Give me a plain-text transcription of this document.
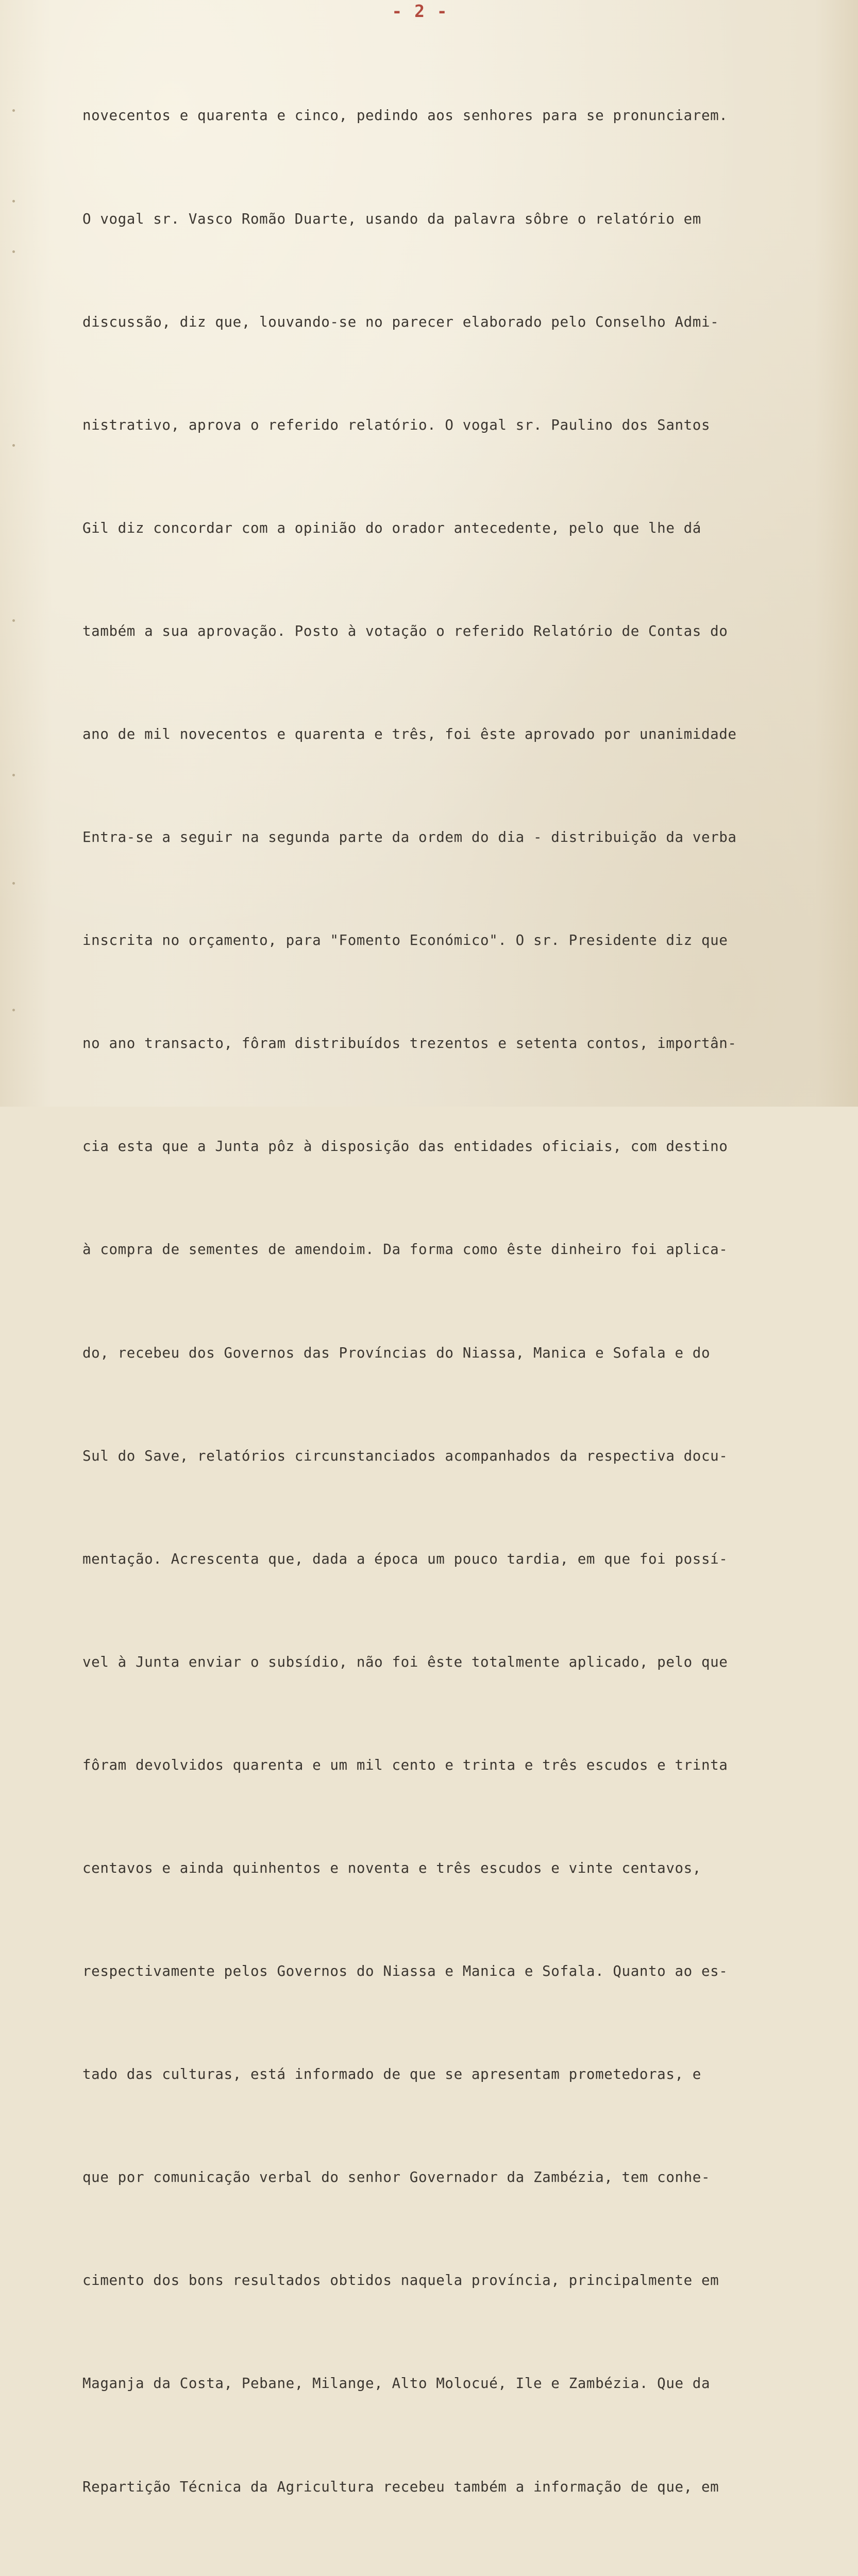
- 2 -

novecentos e quarenta e cinco, pedindo aos senhores para se pronunciarem.

O vogal sr. Vasco Romão Duarte, usando da palavra sôbre o relatório em

discussão, diz que, louvando-se no parecer elaborado pelo Conselho Admi-

nistrativo, aprova o referido relatório. O vogal sr. Paulino dos Santos

Gil diz concordar com a opinião do orador antecedente, pelo que lhe dá

também a sua aprovação. Posto à votação o referido Relatório de Contas do

ano de mil novecentos e quarenta e três, foi êste aprovado por unanimidade

Entra-se a seguir na segunda parte da ordem do dia - distribuição da verba

inscrita no orçamento, para "Fomento Económico". O sr. Presidente diz que

no ano transacto, fôram distribuídos trezentos e setenta contos, importân-

cia esta que a Junta pôz à disposição das entidades oficiais, com destino

à compra de sementes de amendoim. Da forma como êste dinheiro foi aplica-

do, recebeu dos Governos das Províncias do Niassa, Manica e Sofala e do

Sul do Save, relatórios circunstanciados acompanhados da respectiva docu-

mentação. Acrescenta que, dada a época um pouco tardia, em que foi possí-

vel à Junta enviar o subsídio, não foi êste totalmente aplicado, pelo que

fôram devolvidos quarenta e um mil cento e trinta e três escudos e trinta

centavos e ainda quinhentos e noventa e três escudos e vinte centavos,

respectivamente pelos Governos do Niassa e Manica e Sofala. Quanto ao es-

tado das culturas, está informado de que se apresentam prometedoras, e

que por comunicação verbal do senhor Governador da Zambézia, tem conhe-

cimento dos bons resultados obtidos naquela província, principalmente em

Maganja da Costa, Pebane, Milange, Alto Molocué, Ile e Zambézia. Que da

Repartição Técnica da Agricultura recebeu também a informação de que, em
